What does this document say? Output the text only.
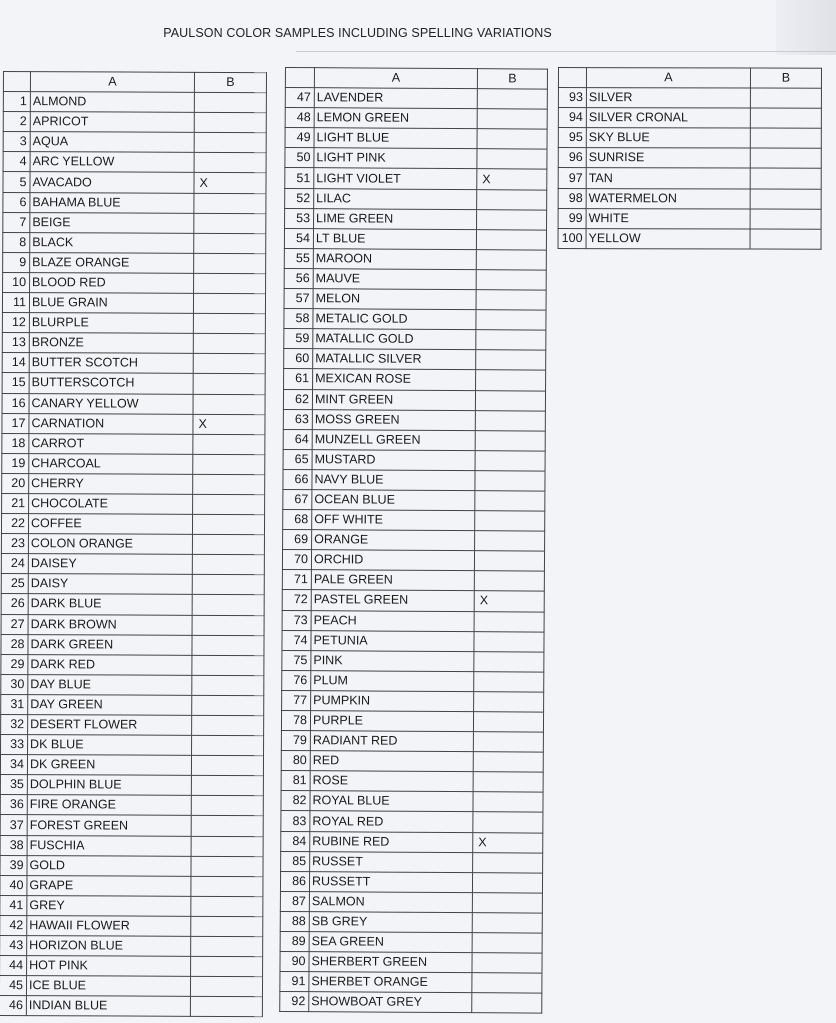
PAULSON COLOR SAMPLES INCLUDING SPELLING VARIATIONS
	A	B
1	ALMOND	
2	APRICOT	
3	AQUA	
4	ARC YELLOW	
5	AVACADO	X
6	BAHAMA BLUE	
7	BEIGE	
8	BLACK	
9	BLAZE ORANGE	
10	BLOOD RED	
11	BLUE GRAIN	
12	BLURPLE	
13	BRONZE	
14	BUTTER SCOTCH	
15	BUTTERSCOTCH	
16	CANARY YELLOW	
17	CARNATION	X
18	CARROT	
19	CHARCOAL	
20	CHERRY	
21	CHOCOLATE	
22	COFFEE	
23	COLON ORANGE	
24	DAISEY	
25	DAISY	
26	DARK BLUE	
27	DARK BROWN	
28	DARK GREEN	
29	DARK RED	
30	DAY BLUE	
31	DAY GREEN	
32	DESERT FLOWER	
33	DK BLUE	
34	DK GREEN	
35	DOLPHIN BLUE	
36	FIRE ORANGE	
37	FOREST GREEN	
38	FUSCHIA	
39	GOLD	
40	GRAPE	
41	GREY	
42	HAWAII FLOWER	
43	HORIZON BLUE	
44	HOT PINK	
45	ICE BLUE	
46	INDIAN BLUE	
	A	B
47	LAVENDER	
48	LEMON GREEN	
49	LIGHT BLUE	
50	LIGHT PINK	
51	LIGHT VIOLET	X
52	LILAC	
53	LIME GREEN	
54	LT BLUE	
55	MAROON	
56	MAUVE	
57	MELON	
58	METALIC GOLD	
59	MATALLIC GOLD	
60	MATALLIC SILVER	
61	MEXICAN ROSE	
62	MINT GREEN	
63	MOSS GREEN	
64	MUNZELL GREEN	
65	MUSTARD	
66	NAVY BLUE	
67	OCEAN BLUE	
68	OFF WHITE	
69	ORANGE	
70	ORCHID	
71	PALE GREEN	
72	PASTEL GREEN	X
73	PEACH	
74	PETUNIA	
75	PINK	
76	PLUM	
77	PUMPKIN	
78	PURPLE	
79	RADIANT RED	
80	RED	
81	ROSE	
82	ROYAL BLUE	
83	ROYAL RED	
84	RUBINE RED	X
85	RUSSET	
86	RUSSETT	
87	SALMON	
88	SB GREY	
89	SEA GREEN	
90	SHERBERT GREEN	
91	SHERBET ORANGE	
92	SHOWBOAT GREY	
	A	B
93	SILVER	
94	SILVER CRONAL	
95	SKY BLUE	
96	SUNRISE	
97	TAN	
98	WATERMELON	
99	WHITE	
100	YELLOW	
